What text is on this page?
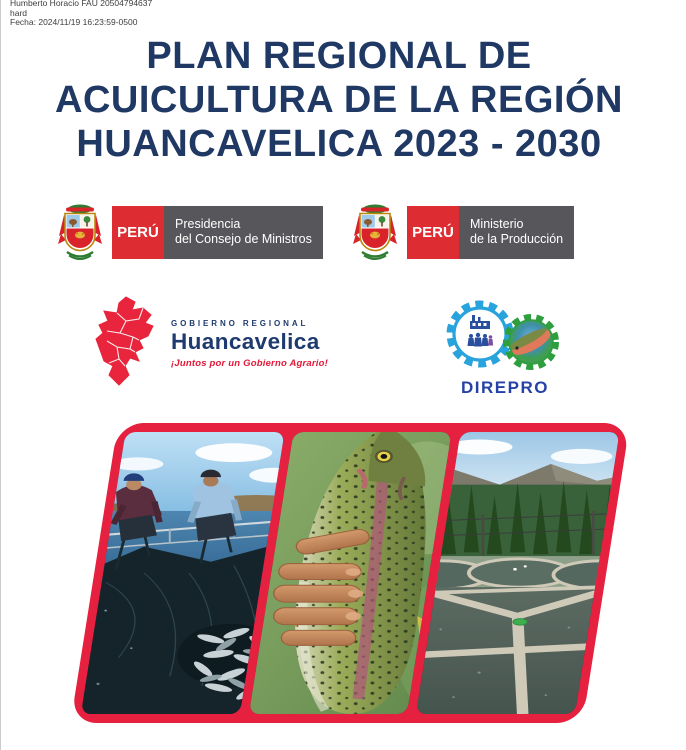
Humberto Horacio FAU 20504794637
hard
Fecha: 2024/11/19 16:23:59-0500
PLAN REGIONAL DE
ACUICULTURA DE LA REGIÓN
HUANCAVELICA 2023 - 2030
PERÚ	Presidencia
del Consejo de Ministros	PERÚ	Ministerio
de la Producción
GOBIERNO REGIONAL
Huancavelica
¡Juntos por un Gobierno Agrario!
DIREPRO
